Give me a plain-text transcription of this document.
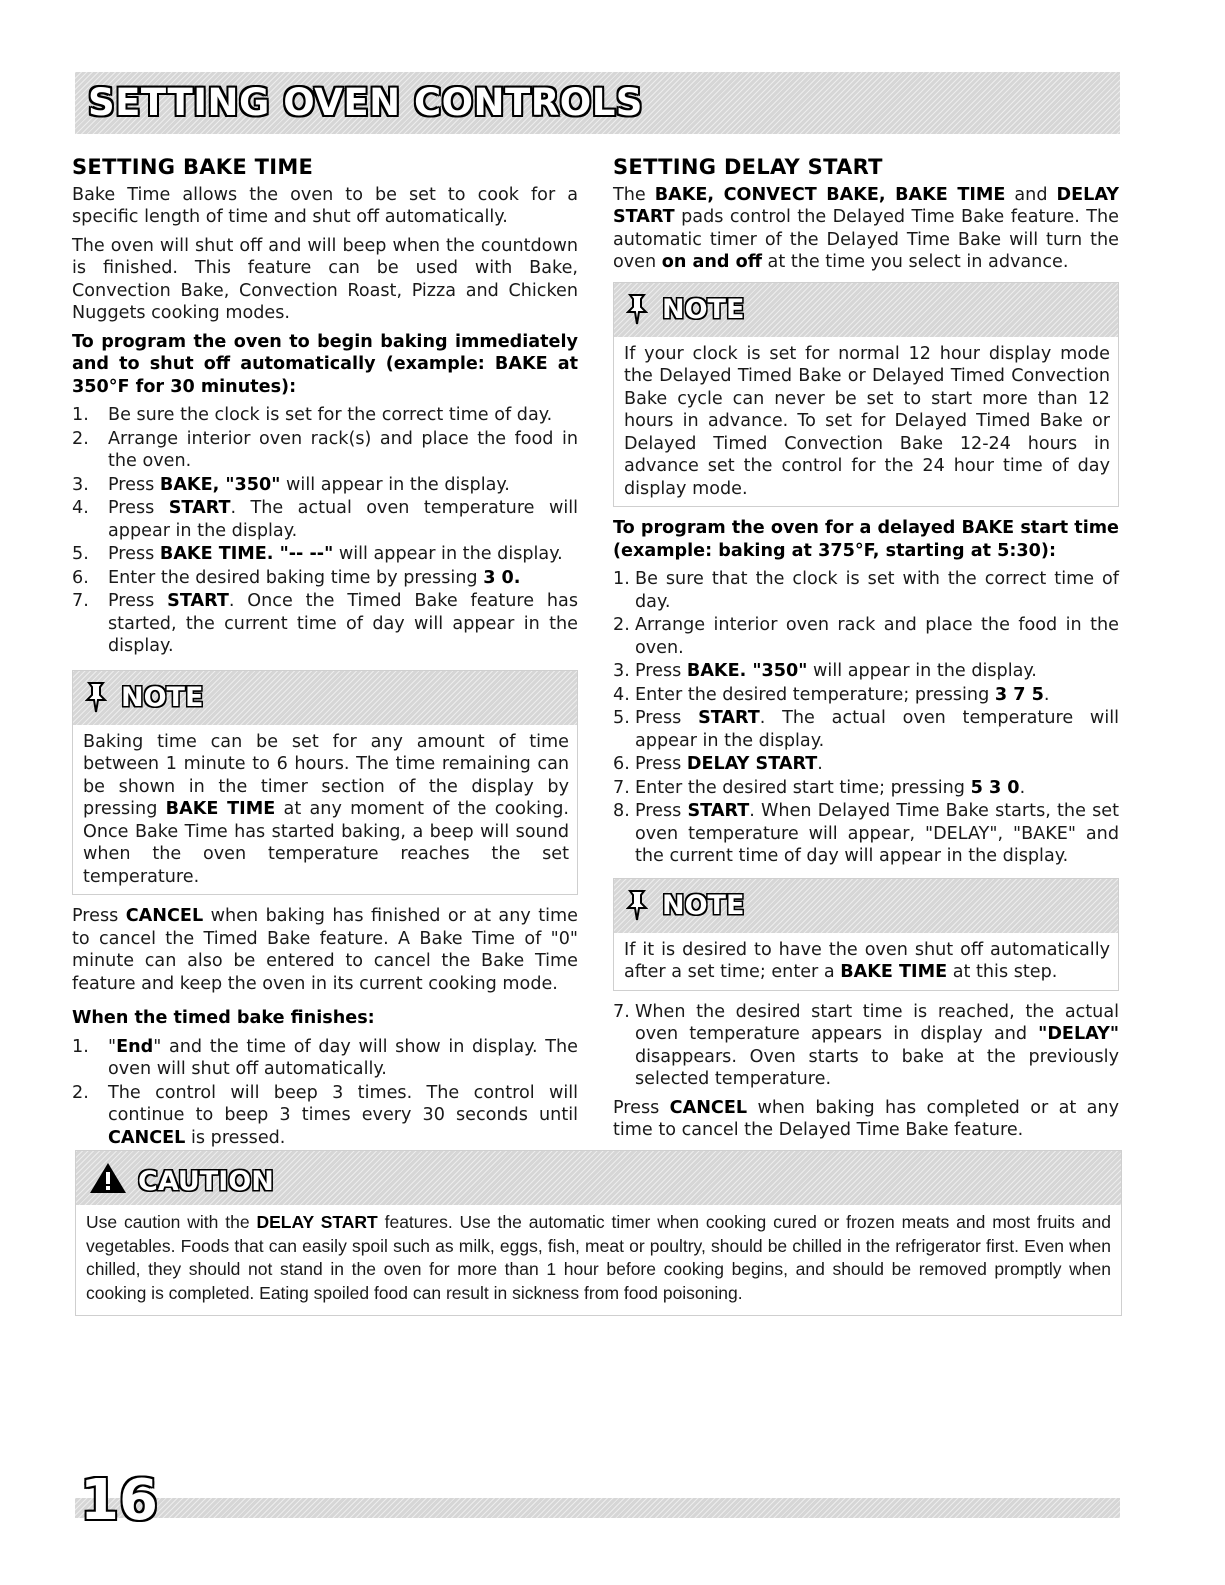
SETTING OVEN CONTROLS
SETTING BAKE TIME

Bake Time allows the oven to be set to cook for a specific length of time and shut off automatically.

The oven will shut off and will beep when the countdown is finished. This feature can be used with Bake, Convection Bake, Convection Roast, Pizza and Chicken Nuggets cooking modes.

To program the oven to begin baking immediately and to shut off automatically (example: BAKE at 350°F for 30 minutes):

1.	Be sure the clock is set for the correct time of day.
2.	Arrange interior oven rack(s) and place the food in the oven.
3.	Press BAKE, "350" will appear in the display.
4.	Press START. The actual oven temperature will appear in the display.
5.	Press BAKE TIME. "-- --" will appear in the display.
6.	Enter the desired baking time by pressing 3 0.
7.	Press START. Once the Timed Bake feature has started, the current time of day will appear in the display.
NOTE

Baking time can be set for any amount of time between 1 minute to 6 hours. The time remaining can be shown in the timer section of the display by pressing BAKE TIME at any moment of the cooking. Once Bake Time has started baking, a beep will sound when the oven temperature reaches the set temperature.

Press CANCEL when baking has finished or at any time to cancel the Timed Bake feature. A Bake Time of "0" minute can also be entered to cancel the Bake Time feature and keep the oven in its current cooking mode.

When the timed bake finishes:

1.	"End" and the time of day will show in display. The oven will shut off automatically.
2.	The control will beep 3 times. The control will continue to beep 3 times every 30 seconds until CANCEL is pressed.
SETTING DELAY START

The BAKE, CONVECT BAKE, BAKE TIME and DELAY START pads control the Delayed Time Bake feature. The automatic timer of the Delayed Time Bake will turn the oven on and off at the time you select in advance.

NOTE

If your clock is set for normal 12 hour display mode the Delayed Timed Bake or Delayed Timed Convection Bake cycle can never be set to start more than 12 hours in advance. To set for Delayed Timed Bake or Delayed Timed Convection Bake 12-24 hours in advance set the control for the 24 hour time of day display mode.

To program the oven for a delayed BAKE start time (example: baking at 375°F, starting at 5:30):

1. Be sure that the clock is set with the correct time of day.
2. Arrange interior oven rack and place the food in the oven.
3. Press BAKE. "350" will appear in the display.
4. Enter the desired temperature; pressing 3 7 5.
5. Press START. The actual oven temperature will appear in the display.
6. Press DELAY START.
7. Enter the desired start time; pressing 5 3 0.
8. Press START. When Delayed Time Bake starts, the set oven temperature will appear, "DELAY", "BAKE" and the current time of day will appear in the display.
NOTE

If it is desired to have the oven shut off automatically after a set time; enter a BAKE TIME at this step.

7. When the desired start time is reached, the actual oven temperature appears in display and "DELAY" disappears. Oven starts to bake at the previously selected temperature.

Press CANCEL when baking has completed or at any time to cancel the Delayed Time Bake feature.

CAUTION

Use caution with the DELAY START features. Use the automatic timer when cooking cured or frozen meats and most fruits and vegetables. Foods that can easily spoil such as milk, eggs, fish, meat or poultry, should be chilled in the refrigerator first. Even when chilled, they should not stand in the oven for more than 1 hour before cooking begins, and should be removed promptly when cooking is completed. Eating spoiled food can result in sickness from food poisoning.

16
